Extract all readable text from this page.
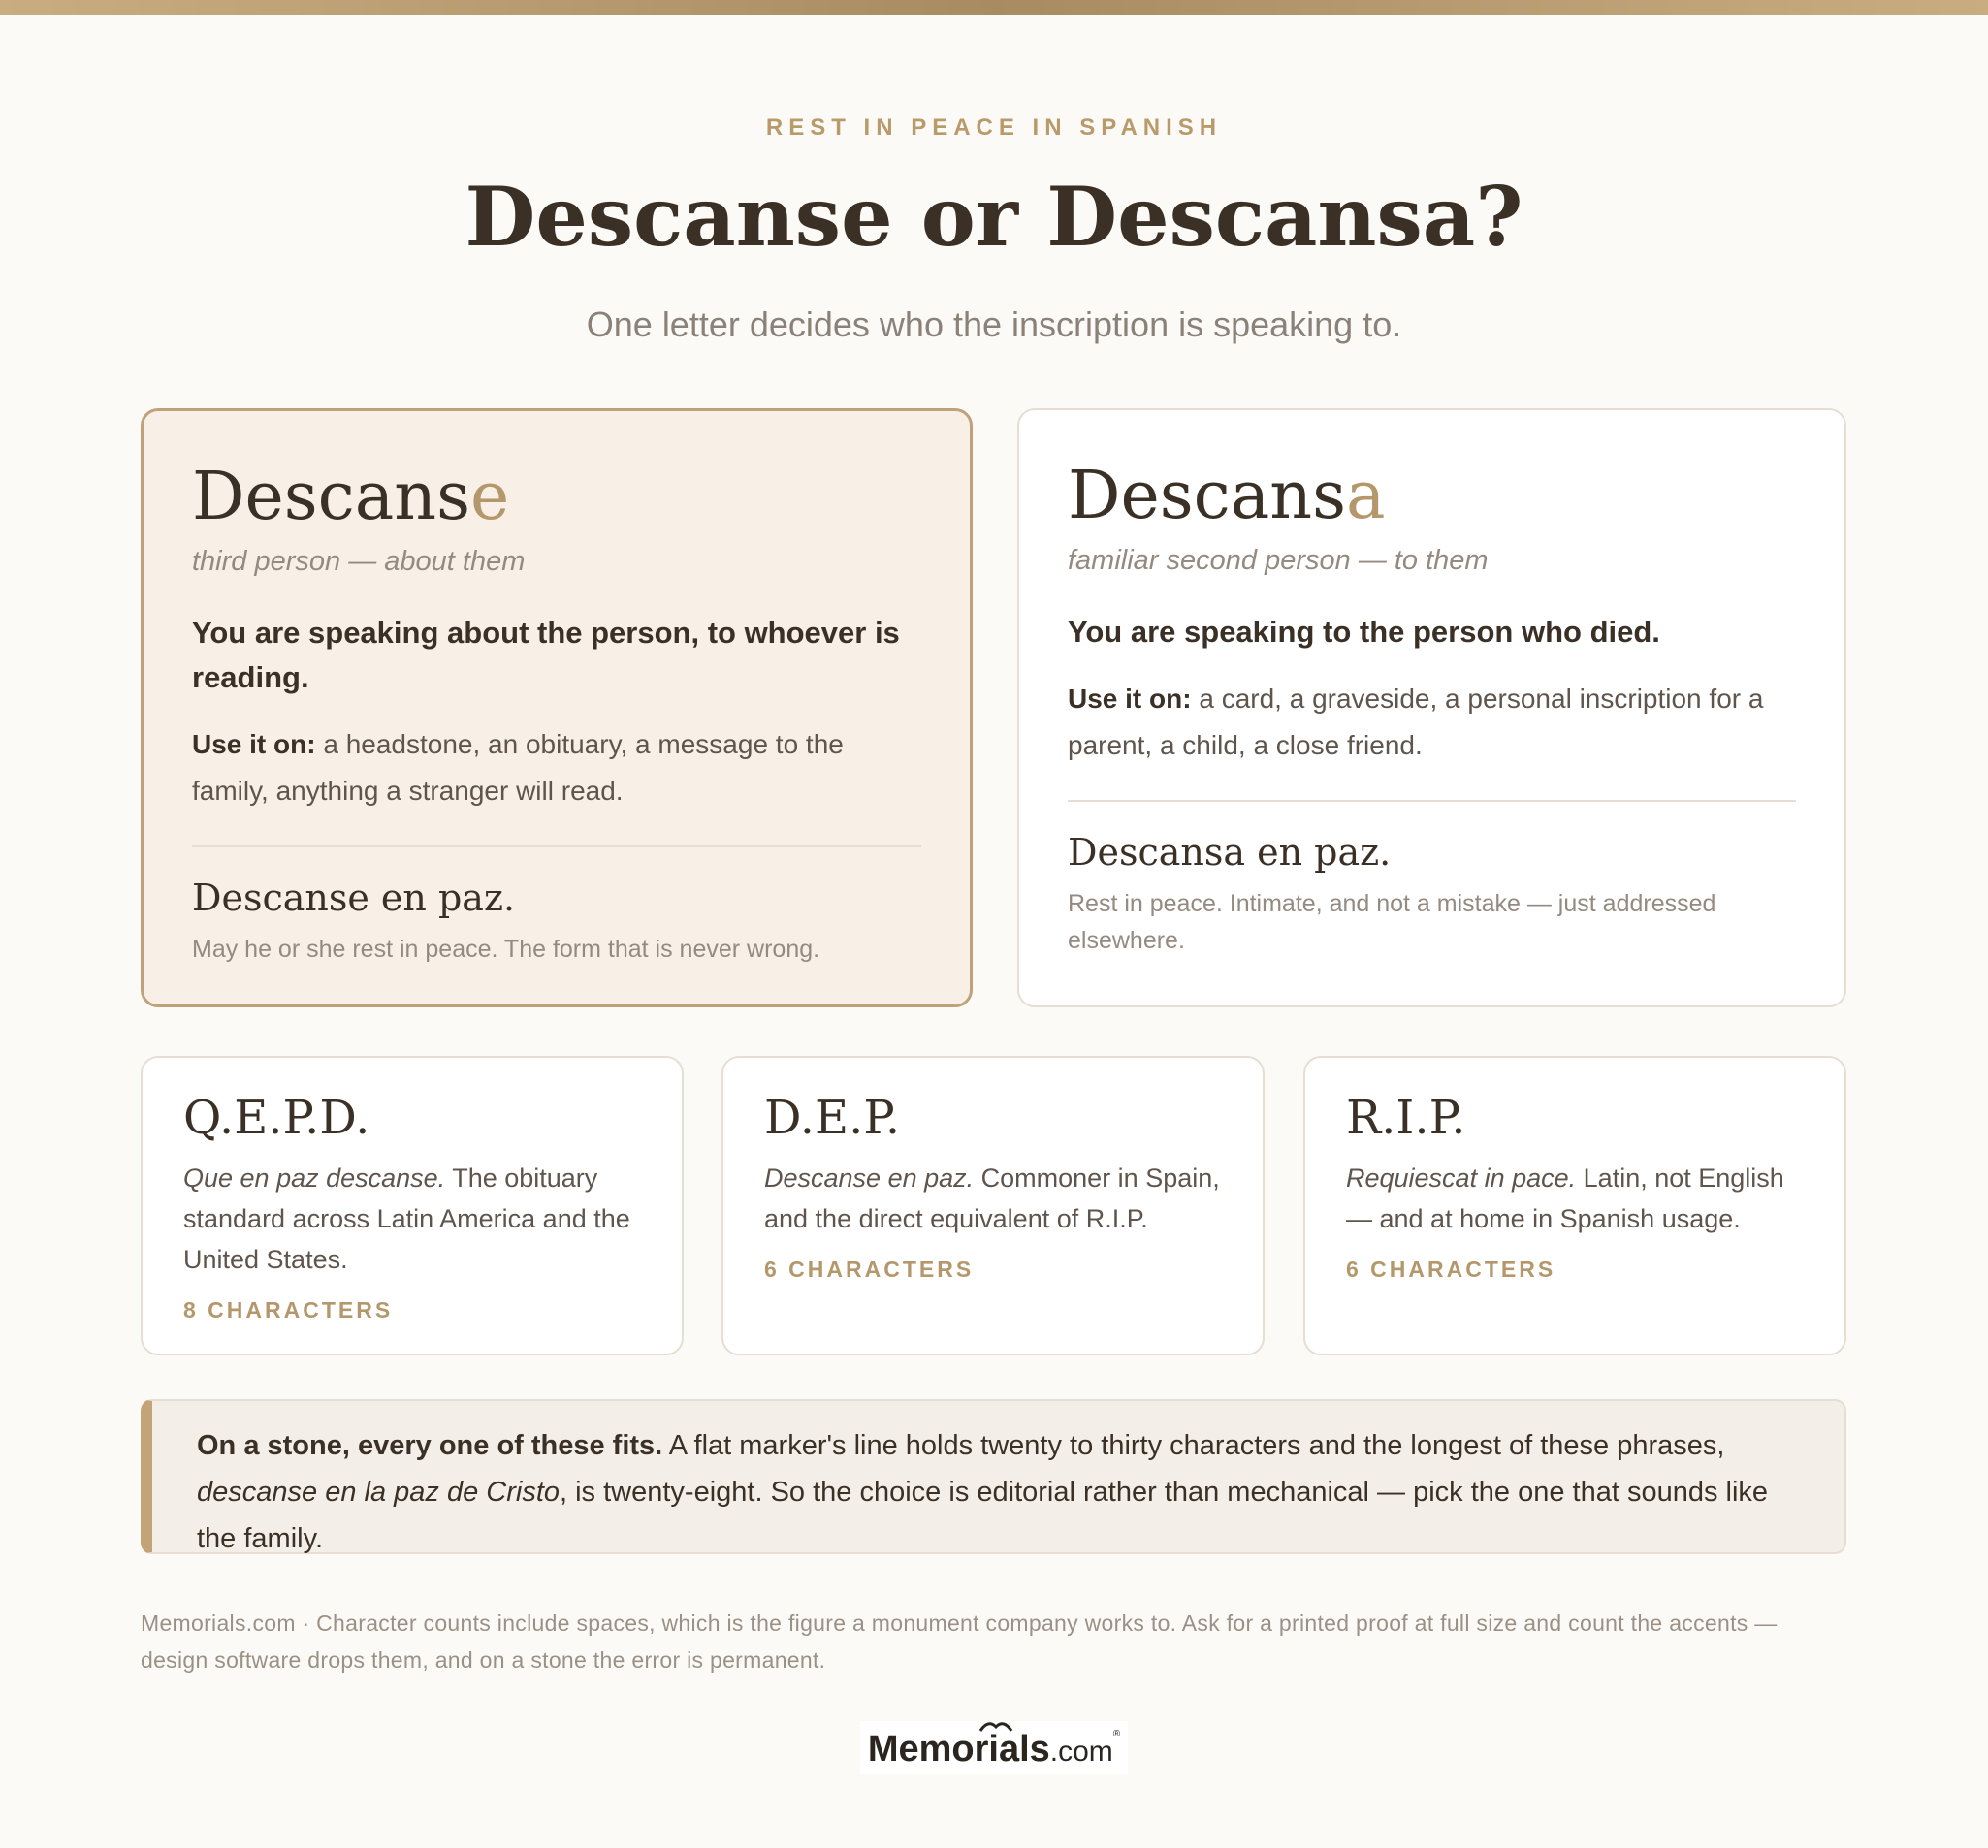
REST IN PEACE IN SPANISH
Descanse or Descansa?
One letter decides who the inscription is speaking to.
Descanse
third person — about them
You are speaking about the person, to whoever is reading.
Use it on: a headstone, an obituary, a message to the family, anything a stranger will read.
Descanse en paz.
May he or she rest in peace. The form that is never wrong.
Descansa
familiar second person — to them
You are speaking to the person who died.
Use it on: a card, a graveside, a personal inscription for a parent, a child, a close friend.
Descansa en paz.
Rest in peace. Intimate, and not a mistake — just addressed elsewhere.
Q.E.P.D.
Que en paz descanse. The obituary standard across Latin America and the United States.
8 CHARACTERS
D.E.P.
Descanse en paz. Commoner in Spain, and the direct equivalent of R.I.P.
6 CHARACTERS
R.I.P.
Requiescat in pace. Latin, not English — and at home in Spanish usage.
6 CHARACTERS

On a stone, every one of these fits. A flat marker's line holds twenty to thirty characters and the longest of these phrases, descanse en la paz de Cristo, is twenty-eight. So the choice is editorial rather than mechanical — pick the one that sounds like the family.

Memorials.com · Character counts include spaces, which is the figure a monument company works to. Ask for a printed proof at full size and count the accents — design software drops them, and on a stone the error is permanent.
Memorials.com®
